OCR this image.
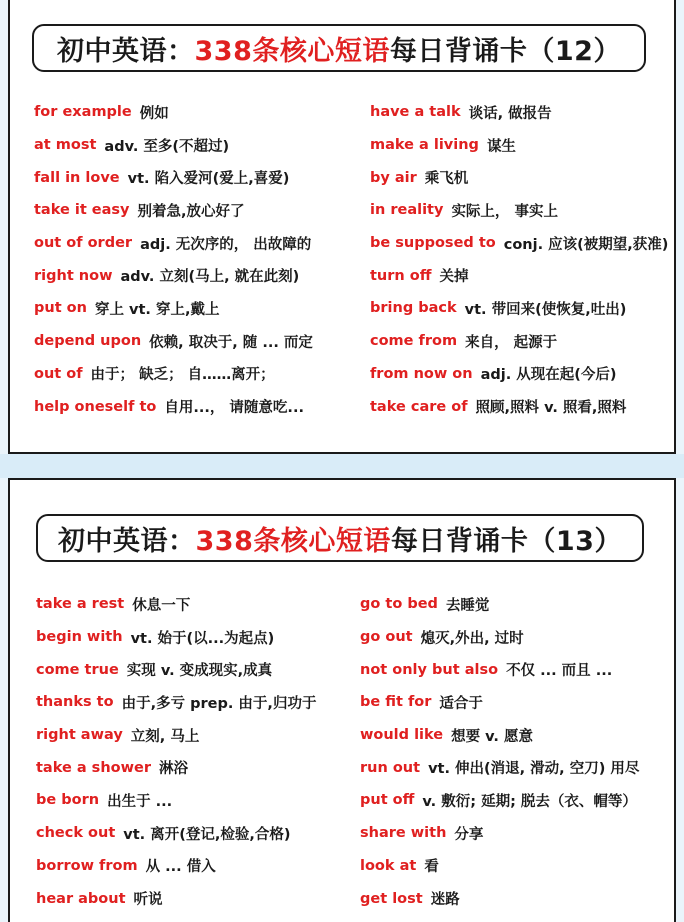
初中英语： 338条核心短语 每日背诵卡（12）
for example 例如
at most adv. 至多(不超过)
fall in love vt. 陷入爱河(爱上,喜爱)
take it easy 别着急,放心好了
out of order adj. 无次序的， 出故障的
right now adv. 立刻(马上, 就在此刻)
put on 穿上 vt. 穿上,戴上
depend upon 依赖, 取决于, 随 ... 而定
out of 由于； 缺乏； 自……离开；
help oneself to 自用...， 请随意吃...
have a talk 谈话, 做报告
make a living 谋生
by air 乘飞机
in reality 实际上， 事实上
be supposed to conj. 应该(被期望,获准)
turn off 关掉
bring back vt. 带回来(使恢复,吐出)
come from 来自， 起源于
from now on adj. 从现在起(今后)
take care of 照顾,照料 v. 照看,照料
初中英语： 338条核心短语 每日背诵卡（13）
take a rest 休息一下
begin with vt. 始于(以...为起点)
come true 实现 v. 变成现实,成真
thanks to 由于,多亏 prep. 由于,归功于
right away 立刻, 马上
take a shower 淋浴
be born 出生于 ...
check out vt. 离开(登记,检验,合格)
borrow from 从 ... 借入
hear about 听说
go to bed 去睡觉
go out 熄灭,外出, 过时
not only but also 不仅 ... 而且 ...
be fit for 适合于
would like 想要 v. 愿意
run out vt. 伸出(消退, 滑动, 空刀) 用尽
put off v. 敷衍; 延期; 脱去（衣、帽等）
share with 分享
look at 看
get lost 迷路
